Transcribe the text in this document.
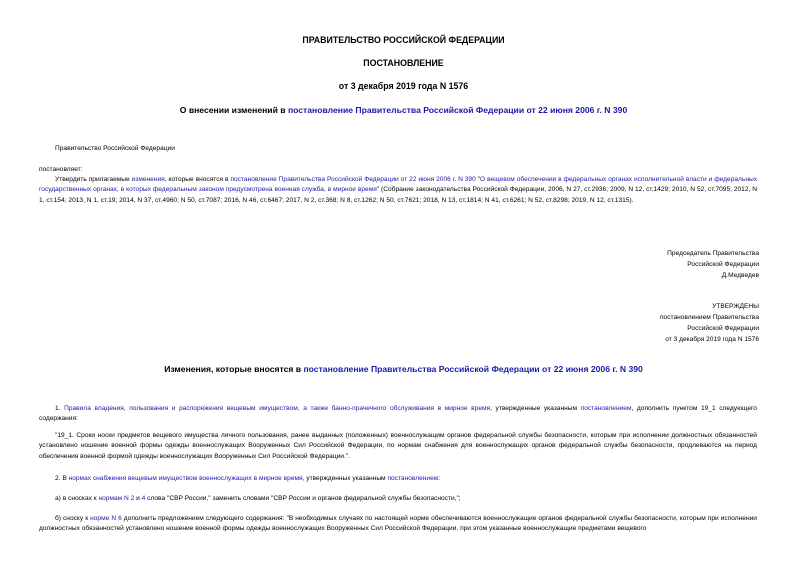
ПРАВИТЕЛЬСТВО РОССИЙСКОЙ ФЕДЕРАЦИИ
ПОСТАНОВЛЕНИЕ
от 3 декабря 2019 года N 1576
О внесении изменений в постановление Правительства Российской Федерации от 22 июня 2006 г. N 390
Правительство Российской Федерации
постановляет:
Утвердить прилагаемые изменения, которые вносятся в постановление Правительства Российской Федерации от 22 июня 2006 г. N 390 "О вещевом обеспечении в федеральных органах исполнительной власти и федеральных государственных органах, в которых федеральным законом предусмотрена военная служба, в мирное время" (Собрание законодательства Российской Федерации, 2006, N 27, ст.2936; 2009, N 12, ст.1429; 2010, N 52, ст.7095; 2012, N 1, ст.154; 2013, N 1, ст.19; 2014, N 37, ст.4960; N 50, ст.7087; 2016, N 46, ст.6467; 2017, N 2, ст.368; N 8, ст.1262; N 50, ст.7621; 2018, N 13, ст.1814; N 41, ст.6261; N 52, ст.8298; 2019, N 12, ст.1315).
Председатель Правительства
Российской Федерации
Д.Медведев
УТВЕРЖДЕНЫ
постановлением Правительства
Российской Федерации
от 3 декабря 2019 года N 1576
Изменения, которые вносятся в постановление Правительства Российской Федерации от 22 июня 2006 г. N 390
1. Правила владения, пользования и распоряжения вещевым имуществом, а также банно-прачечного обслуживания в мирное время, утвержденные указанным постановлением, дополнить пунктом 19_1 следующего содержания:
"19_1. Сроки носки предметов вещевого имущества личного пользования, ранее выданных (положенных) военнослужащим органов федеральной службы безопасности, которым при исполнении должностных обязанностей установлено ношение военной формы одежды военнослужащих Вооруженных Сил Российской Федерации, по нормам снабжения для военнослужащих органов федеральной службы безопасности, продлеваются на период обеспечения военной формой одежды военнослужащих Вооруженных Сил Российской Федерации.".
2. В нормах снабжения вещевым имуществом военнослужащих в мирное время, утвержденных указанным постановлением:
а) в сносках к нормам N 2 и 4 слова "СВР России," заменить словами "СВР России и органов федеральной службы безопасности,";
б) сноску к норме N 6 дополнить предложением следующего содержания: "В необходимых случаях по настоящей норме обеспечиваются военнослужащие органов федеральной службы безопасности, которым при исполнении должностных обязанностей установлено ношение военной формы одежды военнослужащих Вооруженных Сил Российской Федерации, при этом указанные военнослужащие предметами вещевого
